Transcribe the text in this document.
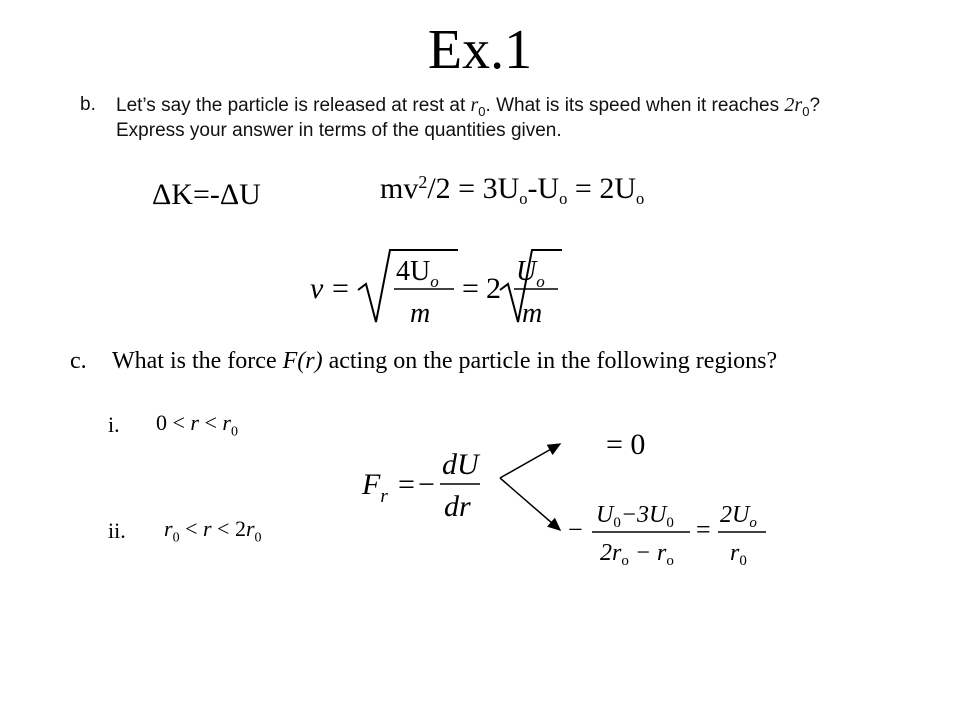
Ex.1
b. Let’s say the particle is released at rest at $r_0$. What is its speed when it reaches $2r_0$?
Express your answer in terms of the quantities given.
ΔK=-ΔU	$mv^2/2 = 3U_o-U_o = 2U_o$
v =
$4U_o$
m
= 2
$U_o$
m
c. What is the force F(r) acting on the particle in the following regions?
i. $0 < r < r_0$
ii. $r_0 < r < 2r_0$
$F_r$ = −
dU
dr
= 0
− $U_0-3U_0$
$2r_o - r_o$
= $2U_o$
$r_0$
